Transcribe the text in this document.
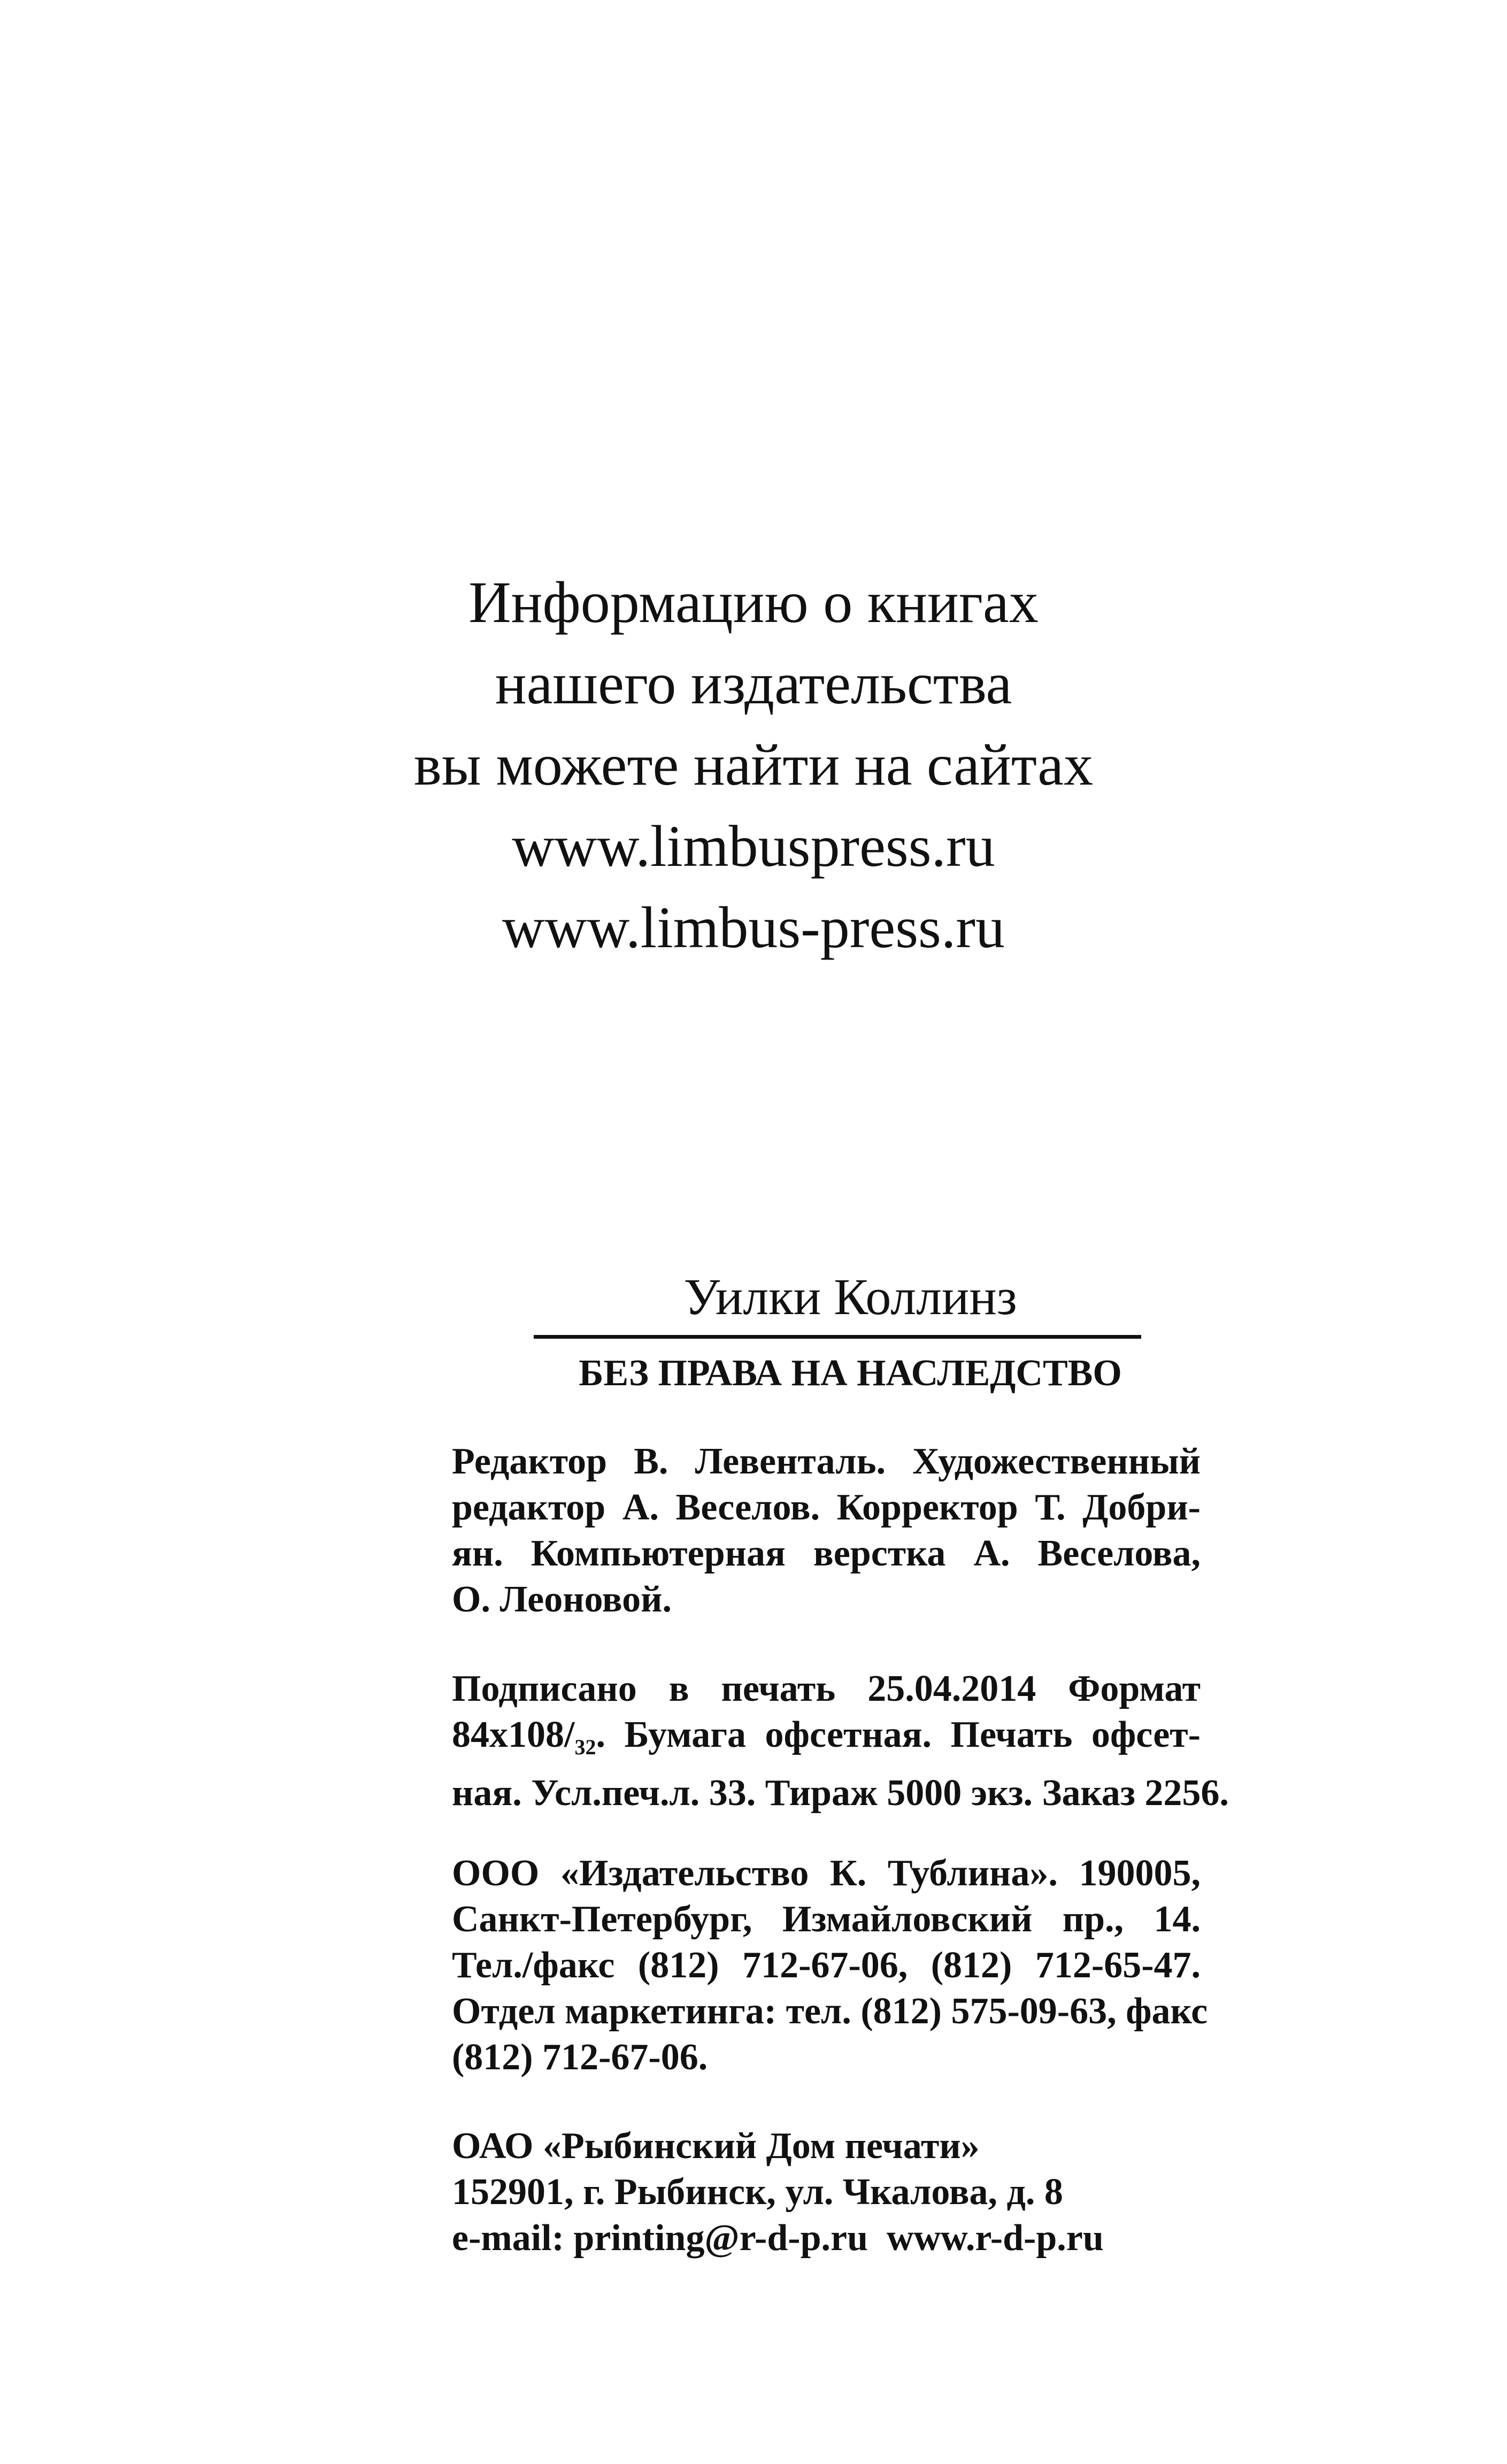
Информацию о книгах
нашего издательства
вы можете найти на сайтах
www.limbuspress.ru
www.limbus-press.ru
Уилки Коллинз
БЕЗ ПРАВА НА НАСЛЕДСТВО
Редактор В. Левенталь. Художественный
редактор А. Веселов. Корректор Т. Добри-
ян. Компьютерная верстка А. Веселова,
О. Леоновой.
Подписано в печать 25.04.2014 Формат
$84х108/_{32}$. Бумага офсетная. Печать офсет-
ная. Усл.печ.л. 33. Тираж 5000 экз. Заказ 2256.
ООО «Издательство К. Тублина». 190005,
Санкт-Петербург, Измайловский пр., 14.
Тел./факс (812) 712-67-06, (812) 712-65-47.
Отдел маркетинга: тел. (812) 575-09-63, факс
(812) 712-67-06.
ОАО «Рыбинский Дом печати»
152901, г. Рыбинск, ул. Чкалова, д. 8
e-mail: printing@r-d-p.ru  www.r-d-p.ru
